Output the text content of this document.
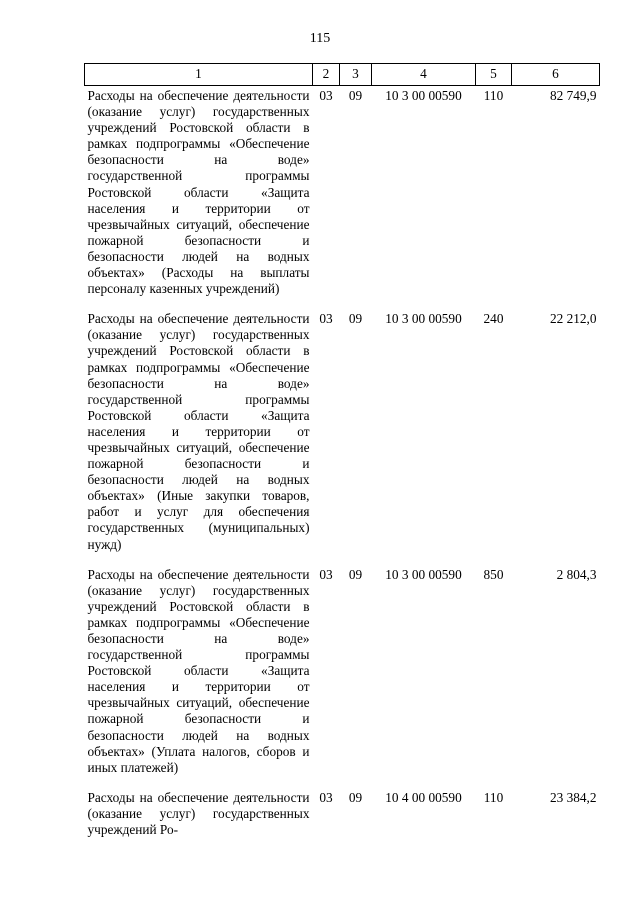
115
1	2	3	4	5	6
Расходы на обеспечение деятельности (оказание услуг) государственных учреждений Ростовской области в рамках подпрограммы «Обеспечение безопасности на воде» государственной программы Ростовской области «Защита населения и территории от чрезвычайных ситуаций, обеспечение пожарной безопасности и безопасности людей на водных объектах» (Расходы на выплаты персоналу казенных учреждений)	03	09	10 3 00 00590	110	82 749,9

Расходы на обеспечение деятельности (оказание услуг) государственных учреждений Ростовской области в рамках подпрограммы «Обеспечение безопасности на воде» государственной программы Ростовской области «Защита населения и территории от чрезвычайных ситуаций, обеспечение пожарной безопасности и безопасности людей на водных объектах» (Иные закупки товаров, работ и услуг для обеспечения государственных (муниципальных) нужд)	03	09	10 3 00 00590	240	22 212,0

Расходы на обеспечение деятельности (оказание услуг) государственных учреждений Ростовской области в рамках подпрограммы «Обеспечение безопасности на воде» государственной программы Ростовской области «Защита населения и территории от чрезвычайных ситуаций, обеспечение пожарной безопасности и безопасности людей на водных объектах» (Уплата налогов, сборов и иных платежей)	03	09	10 3 00 00590	850	2 804,3

Расходы на обеспечение деятельности (оказание услуг) государственных учреждений Ро-	03	09	10 4 00 00590	110	23 384,2
